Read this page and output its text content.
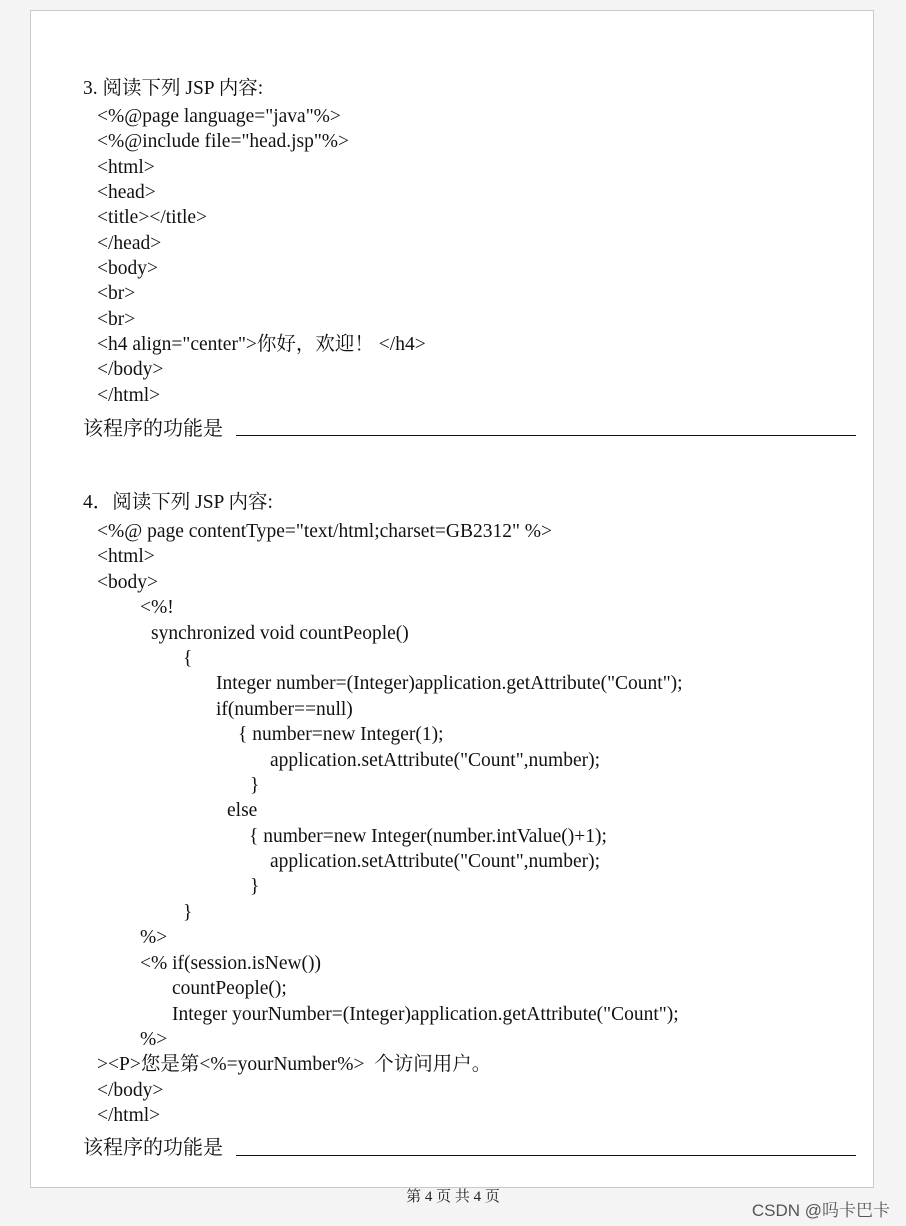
3. 阅读下列 JSP 内容:
<%@page language="java"%>
<%@include file="head.jsp"%>
<html>
<head>
<title></title>
</head>
<body>
<br>
<br>
<h4 align="center">你好，欢迎！ </h4>
</body>
</html>
该程序的功能是
4．阅读下列 JSP 内容:
<%@ page contentType="text/html;charset=GB2312" %>
<html>
<body>
<%!
synchronized void countPeople()
{
Integer number=(Integer)application.getAttribute("Count");
if(number==null)
{ number=new Integer(1);
application.setAttribute("Count",number);
}
else
{ number=new Integer(number.intValue()+1);
application.setAttribute("Count",number);
}
}
%>
<% if(session.isNew())
countPeople();
Integer yourNumber=(Integer)application.getAttribute("Count");
%>
><P>您是第<%=yourNumber%>  个访问用户。
</body>
</html>
该程序的功能是
第 4 页 共 4 页
CSDN @吗卡巴卡
